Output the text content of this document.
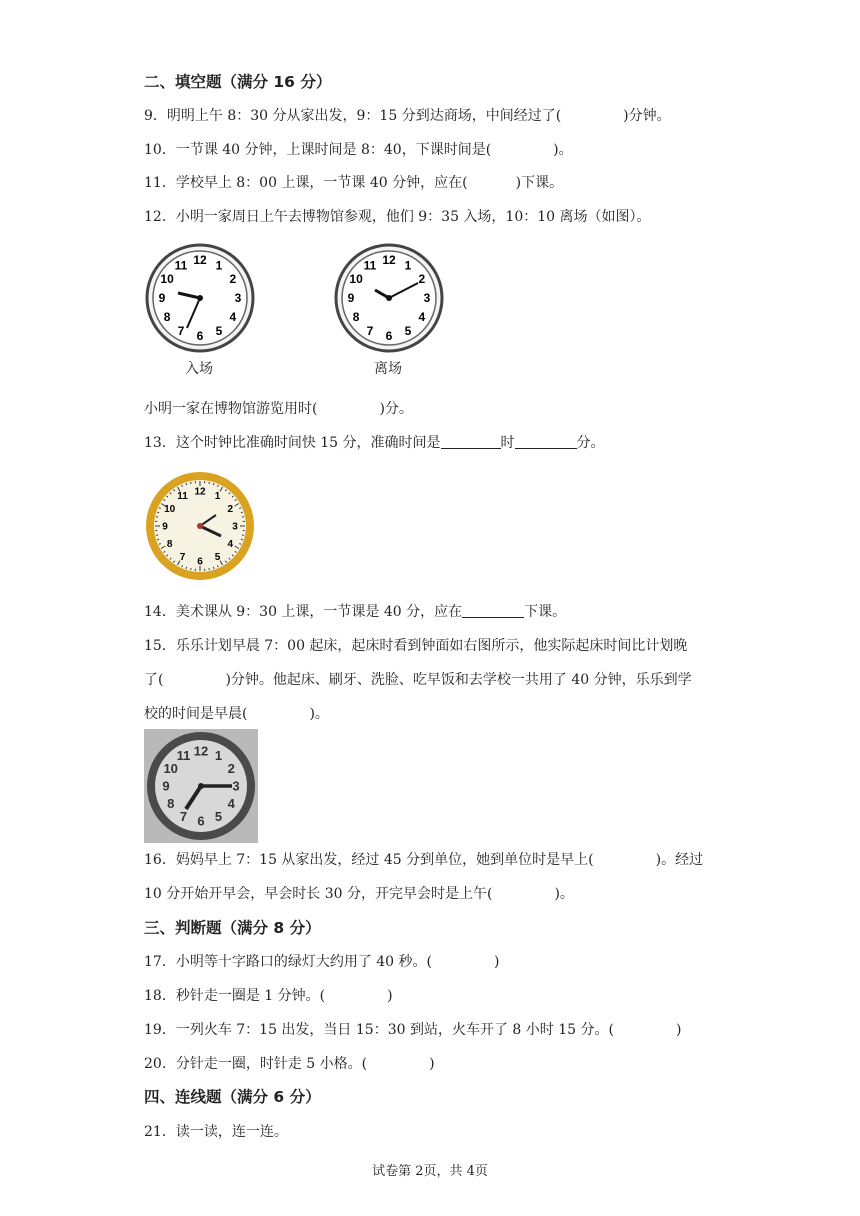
二、填空题（满分 16 分）
9．明明上午 8：30 分从家出发，9：15 分到达商场，中间经过了(	)分钟。
10．一节课 40 分钟，上课时间是 8：40，下课时间是(	)。
11．学校早上 8：00 上课，一节课 40 分钟，应在(	)下课。
12．小明一家周日上午去博物馆参观，他们 9：35 入场，10：10 离场（如图）。
12 1
2
3
4
5
6
7
8
9
10
11
入场
12 1
2
3
4
5
6
7
8
9
10
11
离场
小明一家在博物馆游览用时(	)分。
13．这个时钟比准确时间快 15 分，准确时间是	时	分。
12 1
2
3
4
5
6
7
8
9
10
11
14．美术课从 9：30 上课，一节课是 40 分，应在	下课。
15．乐乐计划早晨 7：00 起床，起床时看到钟面如右图所示，他实际起床时间比计划晚
了(	)分钟。他起床、刷牙、洗脸、吃早饭和去学校一共用了 40 分钟，乐乐到学
校的时间是早晨(	)。
12 1
2
3
4
5
6
7
8
9
10
11
16．妈妈早上 7：15 从家出发，经过 45 分到单位，她到单位时是早上(	)。经过
10 分开始开早会，早会时长 30 分，开完早会时是上午(	)。
三、判断题（满分 8 分）
17．小明等十字路口的绿灯大约用了 40 秒。(	)
18．秒针走一圈是 1 分钟。(	)
19．一列火车 7：15 出发，当日 15：30 到站，火车开了 8 小时 15 分。(	)
20．分针走一圈，时针走 5 小格。(	)
四、连线题（满分 6 分）
21．读一读，连一连。
试卷第 2页，共 4页
